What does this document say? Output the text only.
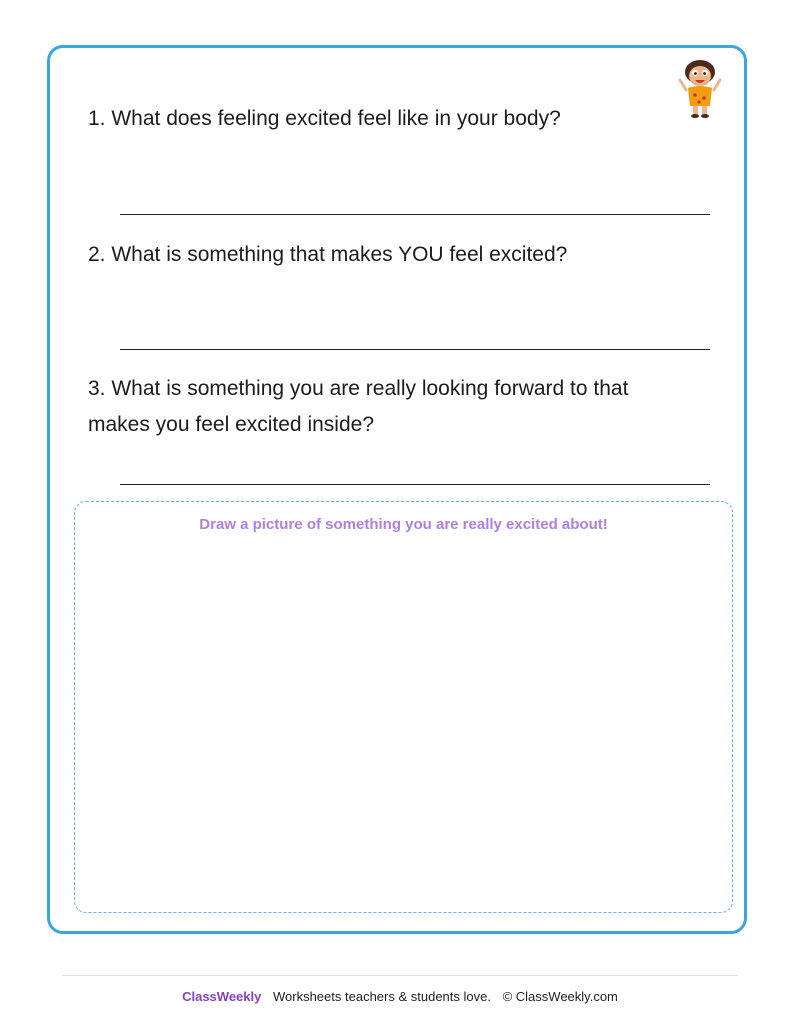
1. What does feeling excited feel like in your body?

2. What is something that makes YOU feel excited?

3. What is something you are really looking forward to that makes you feel excited inside?

Draw a picture of something you are really excited about!
ClassWeekly Worksheets teachers & students love. © ClassWeekly.com
